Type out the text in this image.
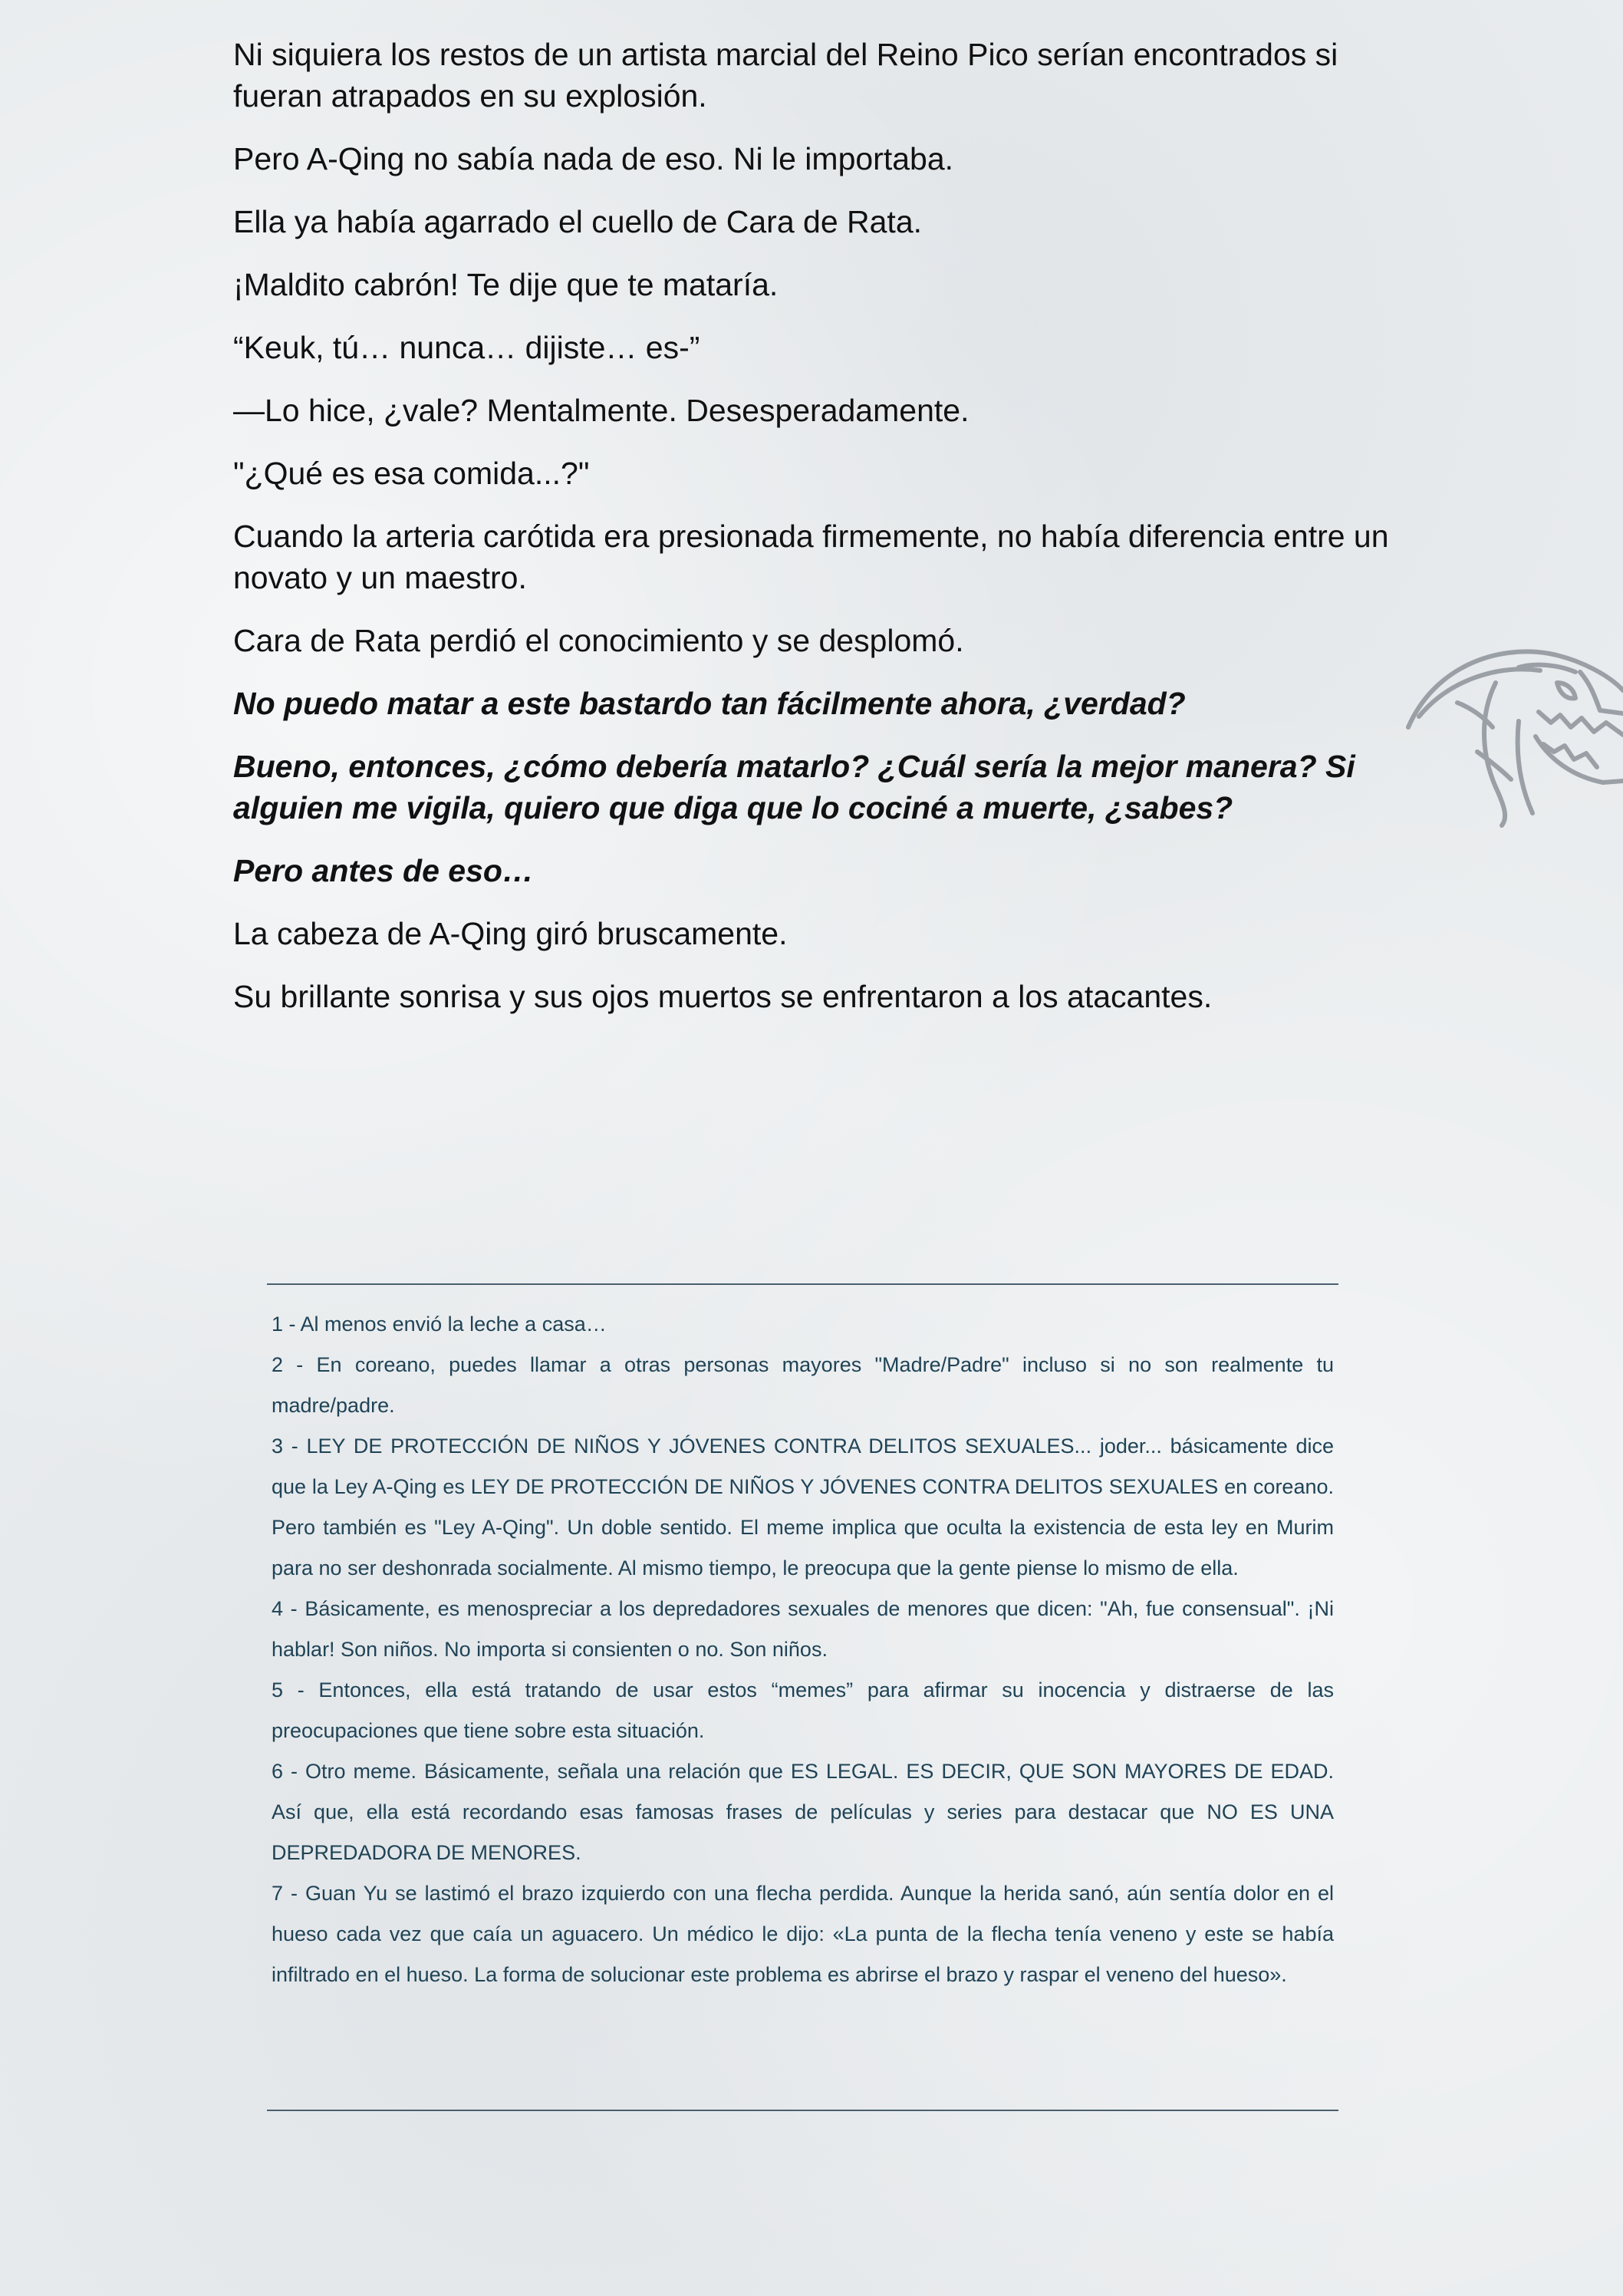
Ni siquiera los restos de un artista marcial del Reino Pico serían encontrados si fueran atrapados en su explosión.

Pero A-Qing no sabía nada de eso. Ni le importaba.

Ella ya había agarrado el cuello de Cara de Rata.

¡Maldito cabrón! Te dije que te mataría.

“Keuk, tú… nunca… dijiste… es-”

—Lo hice, ¿vale? Mentalmente. Desesperadamente.

"¿Qué es esa comida...?"

Cuando la arteria carótida era presionada firmemente, no había diferencia entre un novato y un maestro.

Cara de Rata perdió el conocimiento y se desplomó.

No puedo matar a este bastardo tan fácilmente ahora, ¿verdad?

Bueno, entonces, ¿cómo debería matarlo? ¿Cuál sería la mejor manera? Si alguien me vigila, quiero que diga que lo cociné a muerte, ¿sabes?

Pero antes de eso…

La cabeza de A-Qing giró bruscamente.

Su brillante sonrisa y sus ojos muertos se enfrentaron a los atacantes.

1 - Al menos envió la leche a casa…

2 - En coreano, puedes llamar a otras personas mayores "Madre/Padre" incluso si no son realmente tu madre/padre.

3 - LEY DE PROTECCIÓN DE NIÑOS Y JÓVENES CONTRA DELITOS SEXUALES... joder... básicamente dice que la Ley A-Qing es LEY DE PROTECCIÓN DE NIÑOS Y JÓVENES CONTRA DELITOS SEXUALES en coreano. Pero también es "Ley A-Qing". Un doble sentido. El meme implica que oculta la existencia de esta ley en Murim para no ser deshonrada socialmente. Al mismo tiempo, le preocupa que la gente piense lo mismo de ella.

4 - Básicamente, es menospreciar a los depredadores sexuales de menores que dicen: "Ah, fue consensual". ¡Ni hablar! Son niños. No importa si consienten o no. Son niños.

5 - Entonces, ella está tratando de usar estos “memes” para afirmar su inocencia y distraerse de las preocupaciones que tiene sobre esta situación.

6 - Otro meme. Básicamente, señala una relación que ES LEGAL. ES DECIR, QUE SON MAYORES DE EDAD. Así que, ella está recordando esas famosas frases de películas y series para destacar que NO ES UNA DEPREDADORA DE MENORES.

7 - Guan Yu se lastimó el brazo izquierdo con una flecha perdida. Aunque la herida sanó, aún sentía dolor en el hueso cada vez que caía un aguacero. Un médico le dijo: «La punta de la flecha tenía veneno y este se había infiltrado en el hueso. La forma de solucionar este problema es abrirse el brazo y raspar el veneno del hueso».
